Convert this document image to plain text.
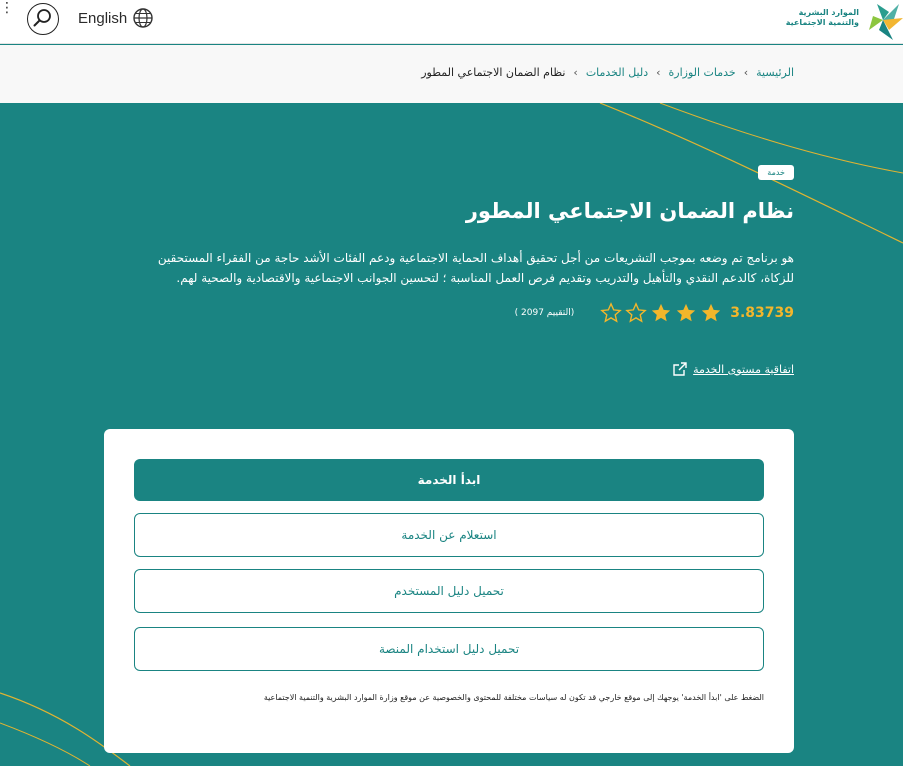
⋮
English	الموارد البشرية
والتنمية الاجتماعية
الرئيسية
‹
خدمات الوزارة
‹
دليل الخدمات
‹
نظام الضمان الاجتماعي المطور
خدمة
نظام الضمان الاجتماعي المطور

هو برنامج تم وضعه بموجب التشريعات من أجل تحقيق أهداف الحماية الاجتماعية ودعم الفئات الأشد حاجة من الفقراء المستحقين للزكاة، كالدعم النقدي والتأهيل والتدريب وتقديم فرص العمل المناسبة ؛ لتحسين الجوانب الاجتماعية والاقتصادية والصحية لهم.

3.83739
(التقييم 2097 )
اتفاقية مستوى الخدمة
ابدأ الخدمة
استعلام عن الخدمة
تحميل دليل المستخدم
تحميل دليل استخدام المنصة

الضغط على 'ابدأ الخدمة' يوجهك إلى موقع خارجي قد تكون له سياسات مختلفة للمحتوى والخصوصية عن موقع وزارة الموارد البشرية والتنمية الاجتماعية
